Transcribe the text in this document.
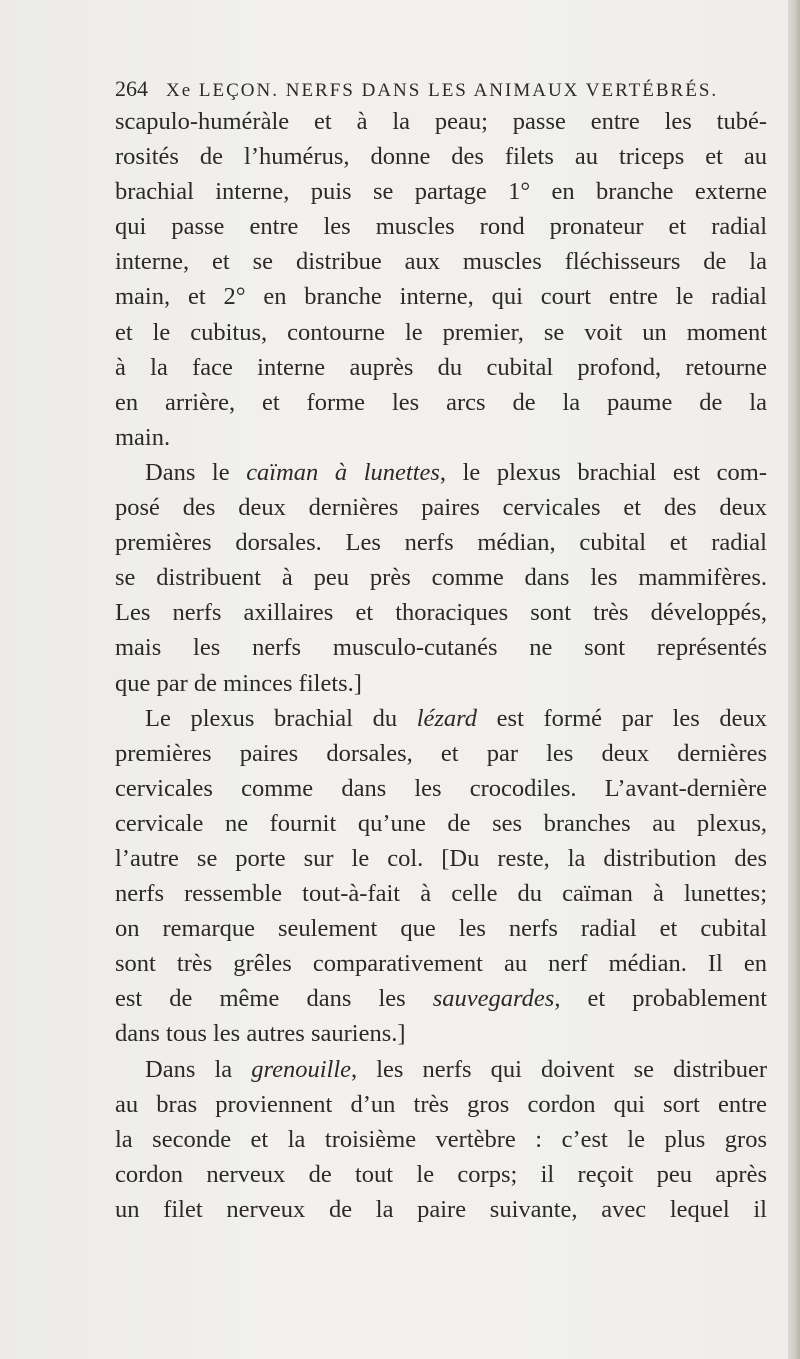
264 Xe LEÇON. NERFS DANS LES ANIMAUX VERTÉBRÉS.
scapulo-huméràle et à la peau; passe entre les tubé-
rosités de l’humérus, donne des filets au triceps et au
brachial interne, puis se partage 1° en branche externe
qui passe entre les muscles rond pronateur et radial
interne, et se distribue aux muscles fléchisseurs de la
main, et 2° en branche interne, qui court entre le radial
et le cubitus, contourne le premier, se voit un moment
à la face interne auprès du cubital profond, retourne
en arrière, et forme les arcs de la paume de la
main.
Dans le caïman à lunettes, le plexus brachial est com-
posé des deux dernières paires cervicales et des deux
premières dorsales. Les nerfs médian, cubital et radial
se distribuent à peu près comme dans les mammifères.
Les nerfs axillaires et thoraciques sont très développés,
mais les nerfs musculo-cutanés ne sont représentés
que par de minces filets.]
Le plexus brachial du lézard est formé par les deux
premières paires dorsales, et par les deux dernières
cervicales comme dans les crocodiles. L’avant-dernière
cervicale ne fournit qu’une de ses branches au plexus,
l’autre se porte sur le col. [Du reste, la distribution des
nerfs ressemble tout-à-fait à celle du caïman à lunettes;
on remarque seulement que les nerfs radial et cubital
sont très grêles comparativement au nerf médian. Il en
est de même dans les sauvegardes, et probablement
dans tous les autres sauriens.]
Dans la grenouille, les nerfs qui doivent se distribuer
au bras proviennent d’un très gros cordon qui sort entre
la seconde et la troisième vertèbre : c’est le plus gros
cordon nerveux de tout le corps; il reçoit peu après
un filet nerveux de la paire suivante, avec lequel il
